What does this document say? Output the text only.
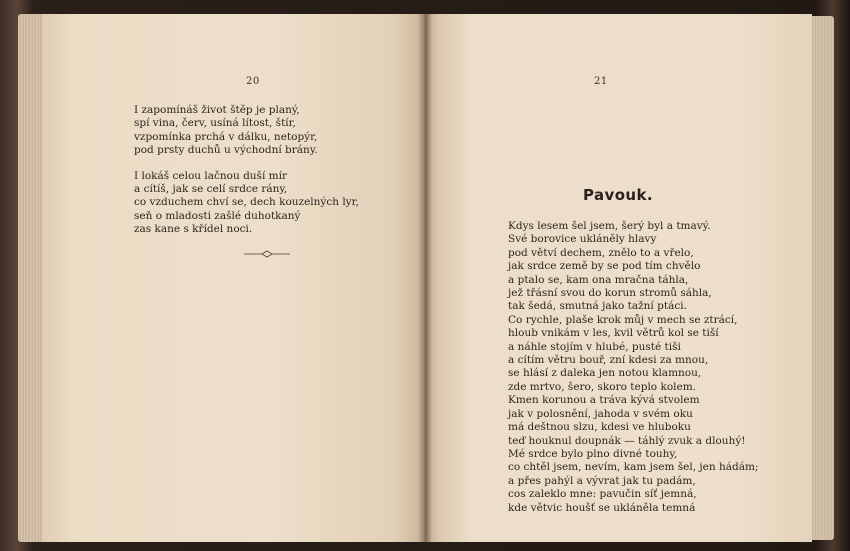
20
I zapomínáš život štěp je planý,
spí vina, červ, usíná lítost, štír,
vzpomínka prchá v dálku, netopýr,
pod prsty duchů u východní brány.
I lokáš celou lačnou duší mír
a cítíš, jak se celí srdce rány,
co vzduchem chví se, dech kouzelných lyr,
seň o mladosti zašlé duhotkaný
zas kane s křídel noci.
21
Pavouk.
Kdys lesem šel jsem, šerý byl a tmavý.
Své borovice ukláněly hlavy
pod větví dechem, znělo to a vřelo,
jak srdce země by se pod tím chvělo
a ptalo se, kam ona mračna táhla,
jež třásní svou do korun stromů sáhla,
tak šedá, smutná jako tažní ptáci.
Co rychle, plaše krok můj v mech se ztrácí,
hloub vnikám v les, kvil větrů kol se tiší
a náhle stojím v hlubé, pusté tiši
a cítím větru bouř, zní kdesi za mnou,
se hlásí z daleka jen notou klamnou,
zde mrtvo, šero, skoro teplo kolem.
Kmen korunou a tráva kývá stvolem
jak v polosnění, jahoda v svém oku
má deštnou slzu, kdesi ve hluboku
teď houknul doupnák — táhlý zvuk a dlouhý!
Mé srdce bylo plno divné touhy,
co chtěl jsem, nevím, kam jsem šel, jen hádám;
a přes pahýl a vývrat jak tu padám,
cos zaleklo mne: pavučin síť jemná,
kde větvic houšť se ukláněla temná
